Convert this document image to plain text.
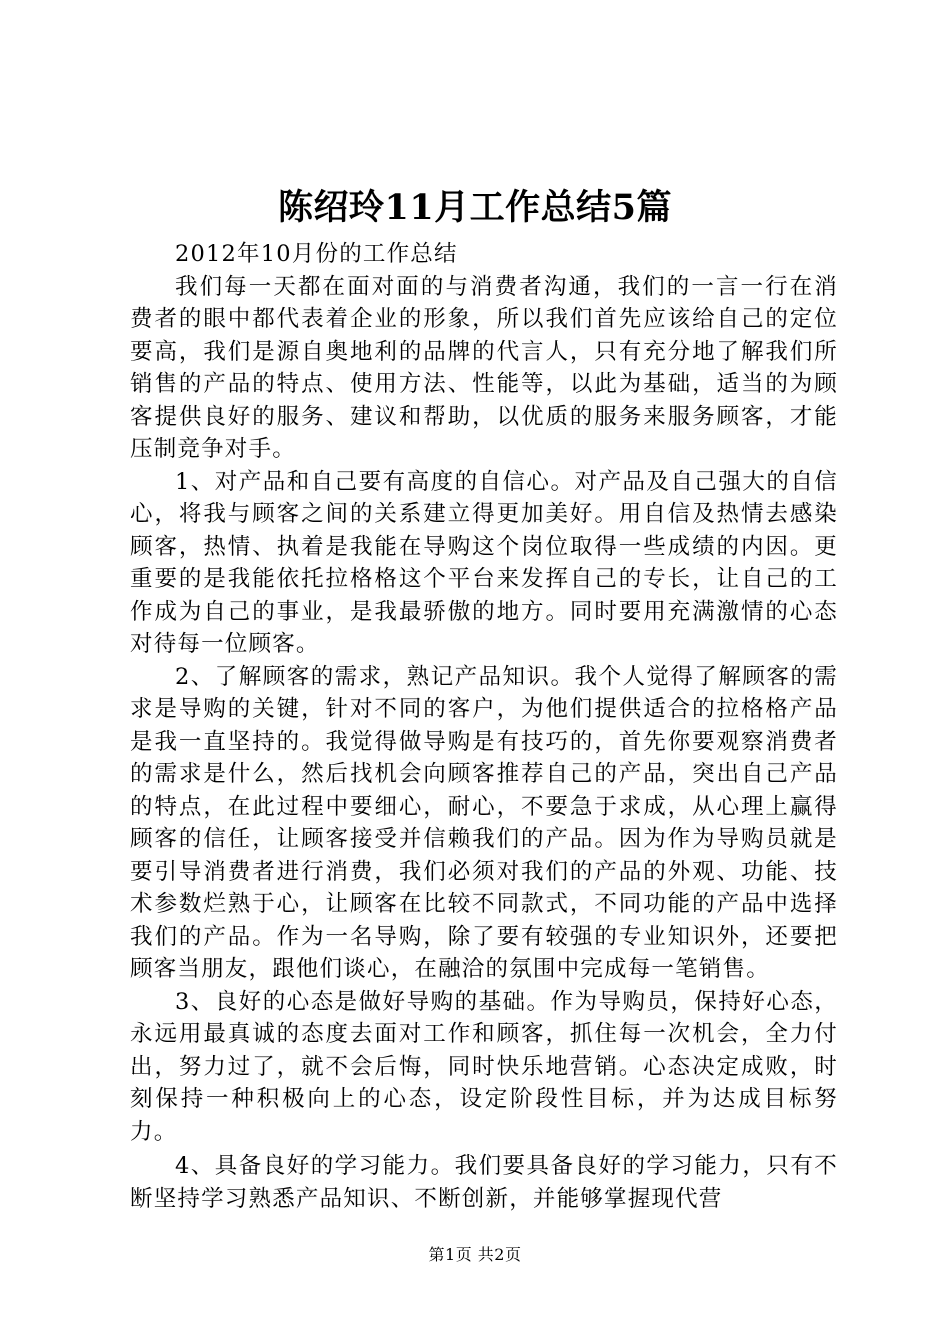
陈绍玲11月工作总结5篇

2012年10月份的工作总结

我们每一天都在面对面的与消费者沟通，我们的一言一行在消费者的眼中都代表着企业的形象，所以我们首先应该给自己的定位要高，我们是源自奥地利的品牌的代言人，只有充分地了解我们所销售的产品的特点、使用方法、性能等，以此为基础，适当的为顾客提供良好的服务、建议和帮助，以优质的服务来服务顾客，才能压制竞争对手。

1、对产品和自己要有高度的自信心。对产品及自己强大的自信心，将我与顾客之间的关系建立得更加美好。用自信及热情去感染顾客，热情、执着是我能在导购这个岗位取得一些成绩的内因。更重要的是我能依托拉格格这个平台来发挥自己的专长，让自己的工作成为自己的事业，是我最骄傲的地方。同时要用充满激情的心态对待每一位顾客。

2、了解顾客的需求，熟记产品知识。我个人觉得了解顾客的需求是导购的关键，针对不同的客户，为他们提供适合的拉格格产品是我一直坚持的。我觉得做导购是有技巧的，首先你要观察消费者的需求是什么，然后找机会向顾客推荐自己的产品，突出自己产品的特点，在此过程中要细心，耐心，不要急于求成，从心理上赢得顾客的信任，让顾客接受并信赖我们的产品。因为作为导购员就是要引导消费者进行消费，我们必须对我们的产品的外观、功能、技术参数烂熟于心，让顾客在比较不同款式，不同功能的产品中选择我们的产品。作为一名导购，除了要有较强的专业知识外，还要把顾客当朋友，跟他们谈心，在融洽的氛围中完成每一笔销售。

3、良好的心态是做好导购的基础。作为导购员，保持好心态，永远用最真诚的态度去面对工作和顾客，抓住每一次机会，全力付出，努力过了，就不会后悔，同时快乐地营销。心态决定成败，时刻保持一种积极向上的心态，设定阶段性目标，并为达成目标努力。

4、具备良好的学习能力。我们要具备良好的学习能力，只有不断坚持学习熟悉产品知识、不断创新，并能够掌握现代营

第1页 共2页
